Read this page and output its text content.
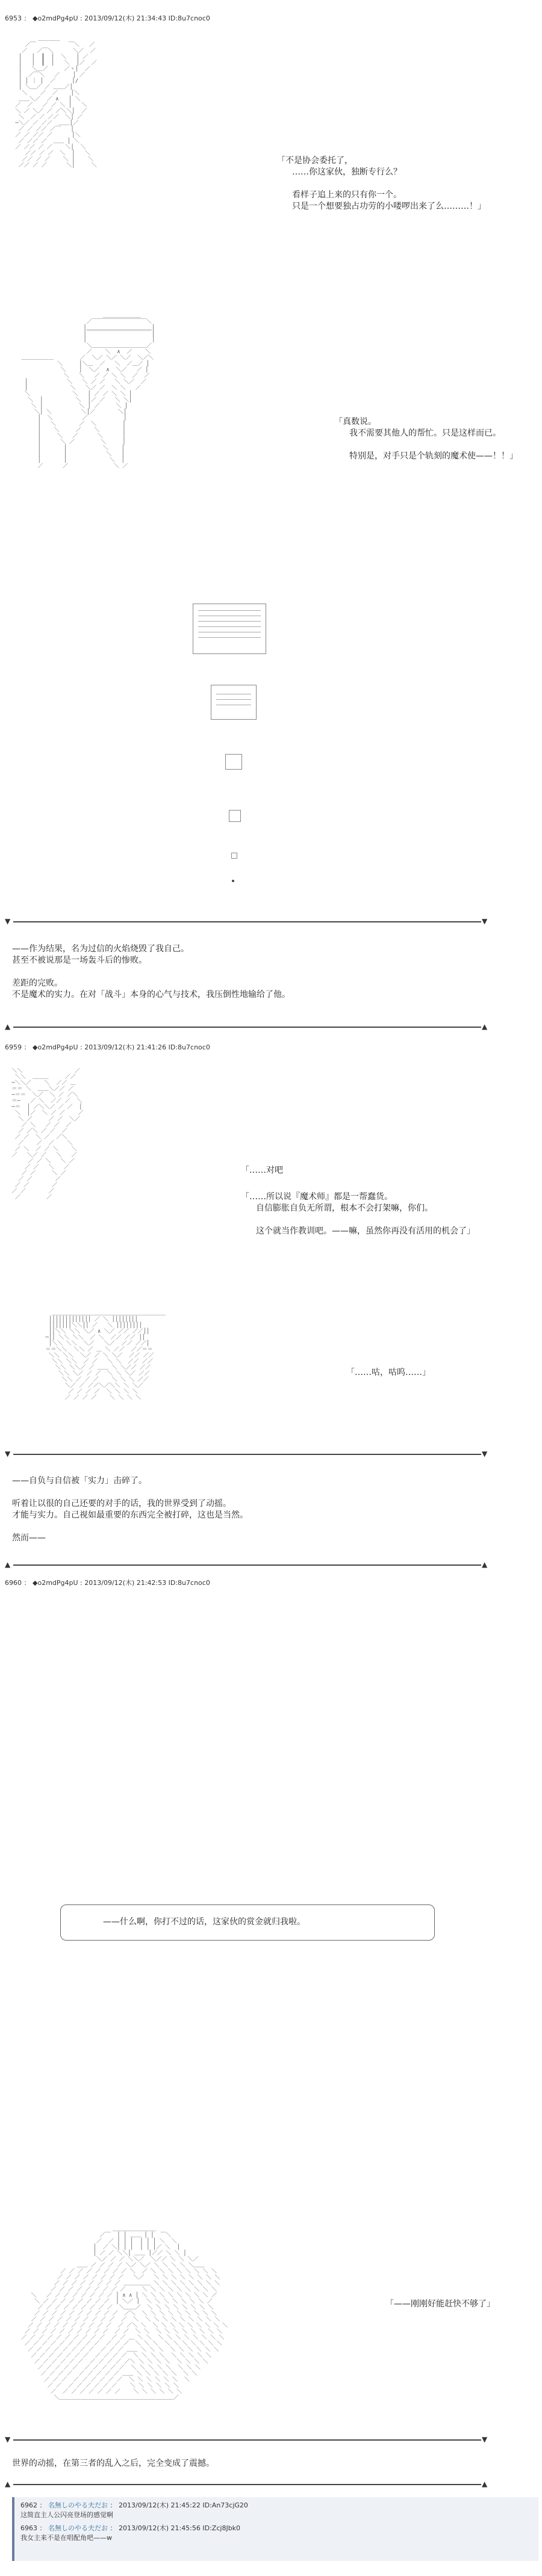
6953 ： ◆o2mdPg4pU : 2013/09/12(木) 21:34:43 ID:8u7cnoc0
＿＿＿＿
／￣          ￣＼   ／
／   ／￣＼      ＼／  ／
│   │  ┃  │  ＼   │ ／
│   │  ┃  │   ＼  │／  ／
│   ＼＿／     ／ヽ│  ／
│  ／￣＼   ／    │ ／
│ │ ｜ │  ／     │/
│ ＼＿／ ／ ＿＿／│
＼    ／  ／    │＼
＿＿＼／  ／ ∧   │ ＼
／  ／   ／ ／ ＼ │   ＼
＼ ／ ＼／ ／ ／＼＼│  ／
＼  ／ ／ ／／  ＼│ ／
─＼／ ／ ／／  ＿＿│／
／ ／ ／／ ／￣   │
／ ／ ／／ ／      │＼
／ ／／ ／  ＿＿ │ ＼
／ ／／ ／ ／    ＼│  ＼
／／ ／ ／  ＼  │   ＼
／／ ／ ／    ＼ │    ＼
／／ ／ ／      ＼│     ＼	「不是协会委托了，
……你这家伙，独断专行么？
看样子追上来的只有你一个。
只是一个想要独占功劳的小喽啰出来了么………！」
＿＿＿＿＿＿＿
／￣￣￣￣￣￣￣￣￣￣＼
│＿＿＿＿＿＿＿＿＿＿＿＿│
│￣￣￣￣￣￣￣￣￣￣￣￣│
│                    │
＼＿＿＿＿＿＿＿＿＿＿／
／    ＼  ∧  ／    ＼
＿＿＿＿＿＿        ／  ＼／ ＼／ ＼／  ＼／＼
＼     │＼＿  ／   ＼  ／＿／ │
＼    │  ＼／  ∧  ＼／   ／ │
＼   ＼   ／ ／ ＼ ＼  ／  ／
│            ＼   ＼ ／ ／   ＼ ＼／  ／
│             ＼   ＼／ ／  ＼ ＼   ／
＼             ＼   │ ／ ／ ＼ ＼ │
＼  │          ＼  │／ ／   ＼ ＼│
＼ │           ＼ │ ／     ＼ │
＼│ ＼         ＼│／       ＼│
│  ＼         ／           │
│   ＼       ／  ＼        │
│    ＼     ／    ＼       │
│     ＼   ／      ＼      │
│      ＼ ／        ＼     │
│       │           ＼    │
│       │            ＼   │
│       │             ＼  │
／      ／              ＼ ／
「真数说。
我不需要其他人的帮忙。只是这样而已。
特别是，对手只是个轨刻的魔术使——！！」
▼	▼
——作为结果，名为过信的火焰烧毁了我自己。
甚至不被说那是一场轰斗后的惨败。
差距的完败。
不是魔术的实力。在对「战斗」本身的心气与技术，我压倒性地输给了他。
▲	▲
6959 ： ◆o2mdPg4pU : 2013/09/12(木) 21:41:26 ID:8u7cnoc0
＼＼                ／
＼＼  ＿＿＿     ／／
─＼＼／    ＼  ／／ ＿
＝＝ ＼  ＿＿＼／／ ／
─＝＝  ＼／  ＼ ／ ／＼
＝─   ／ ＼  ／／ ／  ＼
─＝  │ ／＼＼／ ／ ／  │
＼  │／  ＼ ／ ／    ／
＼ ／     ／ ／  ＼／
／ ＼   ／ ／  ／
／ ／＼ ／ ／  ／
／ ／  ＼ ／  ／＼
／    ／  ／    ＼
／ ＼  ／ ／ ＼    ＼
／   ＼／ ／   ＼   ／
／ ／ ＼   ＼ ／
／ ／   ＼   ／
／ ／     ＼ ／
／ ／       ／
／ ／       ／
／ ／       ／
／        ／
「……对吧
「……所以说『魔术师』都是一帮蠢货。
自信膨胀自负无所谓，根本不会打架嘛，你们。
这个就当作教训吧。——嘛，虽然你再没有活用的机会了」
＿＿＿＿＿＿＿＿＿＿＿＿＿＿＿＿＿＿＿＿＿
│││││││││││││ ／ ＼ ││││││││
│││││││＼＼││ ／   ＼ ││││││││
││＼＼ ＼＼ ＼／ ∧ ＼／ ／／ ／／││
─││ ＼＼ ＼＼  ／ ＼  ／／ ／／ ││
│＼＼ ＼＼  ＼／   ＼／  ／／ ／／│
＝＝＼＼  ＼＼ ／ ＿ ＼ ／／  ／／＝＝
＼＼ ＼＼  ＼／ ／ ＼ ＼／  ／／ ／／
＼＼ ＼＼  ／ ／   ＼ ＼  ／／ ／／
＼＼ ＼＼／ ／ ＿＿ ＼ ＼／／ ／／
＼＼ ＼／ ／ ／  ＼ ＼ ＼／ ／／
＼＼ ／ ／ ／    ＼ ＼ ＼ ／／
＼／ ／ ／／＼／＼＼ ＼ ＼／
／ ／ ／ ／  ＼ ＼ ＼ ＼
／ ／ ／ ／    ＼ ＼ ＼ ＼
「……咕，咕呜……」
▼	▼
——自负与自信被「实力」击碎了。
听着让以很的自己还要的对手的话，我的世界受到了动摇。
才能与实力。自己视如最重要的东西完全被打碎，这也是当然。
然而——
▲	▲
6960 ： ◆o2mdPg4pU : 2013/09/12(木) 21:42:53 ID:8u7cnoc0
——什么啊，你打不过的话，这家伙的赏金就归我啦。
＿＿＿＿＿＿＿＿
／￣  │ │ ＿＿ │ │  ￣＼
／  ／ │ │ │  │ │ │ ＼  ＼
│  ／ ＼│ │ │  │ │ │／ ＼  │
│ ／ ／ ＼＼│ ＿＿ │／／ ＼ ＼ │
＼／ ／ ／ ＼＼／  ＼／／ ＼ ＼ ＼／
＿＿ ／ ／ ／ ／ ＼／ ＼／ ＼ ＼ ＼ ＼ ＼＿＿
／ ／ ／ ／ ／ ／ ／ ／ ＼  ／ ＼ ＼ ＼ ＼ ＼ ＼ ＼ ＼
／ ／ ／ ／ ／ ／ ／ ／   ＼／   ＼ ＼ ＼ ＼ ＼ ＼ ＼ ＼
／ ／ ／ ／ ／ ／ ／ ／ ＿＿＿＿＿ ＼ ＼ ＼ ＼ ＼ ＼ ＼ ＼
／ ／ ／ ／ ／ ／ ／ ／ ／     ＼ ＼ ＼ ＼ ＼ ＼ ＼ ＼ ＼
＼   ／ ／ ／ ／ ／ ／ ／ ／ │ ∧ ∧ │ ＼ ＼ ＼ ＼ ＼ ＼ ＼ ＼ ／
＼ ／ ／ ／ ／ ／ ／ ／ ／  │ ＼／ │  ＼ ＼ ＼ ＼ ＼ ＼ ＼ ／
／ ／ ／ ／ ／ ／ ／ ／ ／  ＼＿＿／  ＼ ＼ ＼ ＼ ＼ ＼ ＼ ＼
／ ／ ／ ／ ／ ／ ／ ／ ／ ／  ／＼  ＼ ＼ ＼ ＼ ＼ ＼ ＼ ＼ ＼
／ ／ ／ ／ ／ ／ ／ ／ ／ ／  ／  ＼  ＼ ＼ ＼ ＼ ＼ ＼ ＼ ＼ ＼
／ ／ ／ ／ ／ ／ ／ ／ ／ ／  ／ ／＼ ＼  ＼ ＼ ＼ ＼ ＼ ＼ ＼ ＼ ＼
／ ／ ／ ／ ／ ／ ／ ／ ／ ／  ／ ／  ＼ ＼  ＼ ＼ ＼ ＼ ＼ ＼ ＼ ＼
／ ／ ／ ／ ／ ／ ／ ／ ／ ／  ／ ／ ＿ ＼ ＼  ＼ ＼ ＼ ＼ ＼ ＼ ＼ ＼
／ ／ ／ ／ ／ ／ ／ ／ ／  ／ ／ ／  ＼ ＼ ＼  ＼ ＼ ＼ ＼ ＼ ＼ ＼
／ ／ ／ ／ ／ ／ ／ ／  ／ ／ ／ ＿＿ ＼ ＼ ＼  ＼ ＼ ＼ ＼ ＼ ＼
／ ／ ／ ／ ／ ／ ／  ／ ／ ／ ／  ＼ ＼ ＼ ＼  ＼ ＼ ＼ ＼ ＼
／ ／ ／ ／ ／ ／  ／ ／ ／ ／ ／＼ ＼ ＼ ＼ ＼  ＼ ＼ ＼ ＼
／ ／ ／ ／ ／  ／ ／ ／ ／ ／  ＼ ＼ ＼ ＼ ＼  ＼ ＼ ＼
／ ／ ／ ／  ／ ／ ／ ／ ／ ＿＿ ＼ ＼ ＼ ＼ ＼  ＼ ＼
／ ／ ／  ／ ／ ／ ／ ／ ／  ＼ ＼ ＼ ＼ ＼ ＼  ＼
／ ／  ／ ／ ／ ／ ／ ／    ＼ ＼ ＼ ＼ ＼ ＼
／  ／ ／ ／ ／ ／ ／ ／    ＼ ＼ ＼ ＼ ＼ ＼
＼＿＿＿＿＿＿＿＿＿＿＿＿＿＿＿＿＿＿＿＿＿／
「——刚刚好能赶快不够了」
▼	▼
世界的动摇，在第三者的乱入之后，完全变成了震撼。
▲	▲
6962 ： 名無しのやる夫だお ： 2013/09/12(木) 21:45:22 ID:An73cjG20
这简直主人公闪亮登场的感觉啊
6963 ： 名無しのやる夫だお ： 2013/09/12(木) 21:45:56 ID:Zcj8Jbk0
我女主来不是在唱配角吧——w
